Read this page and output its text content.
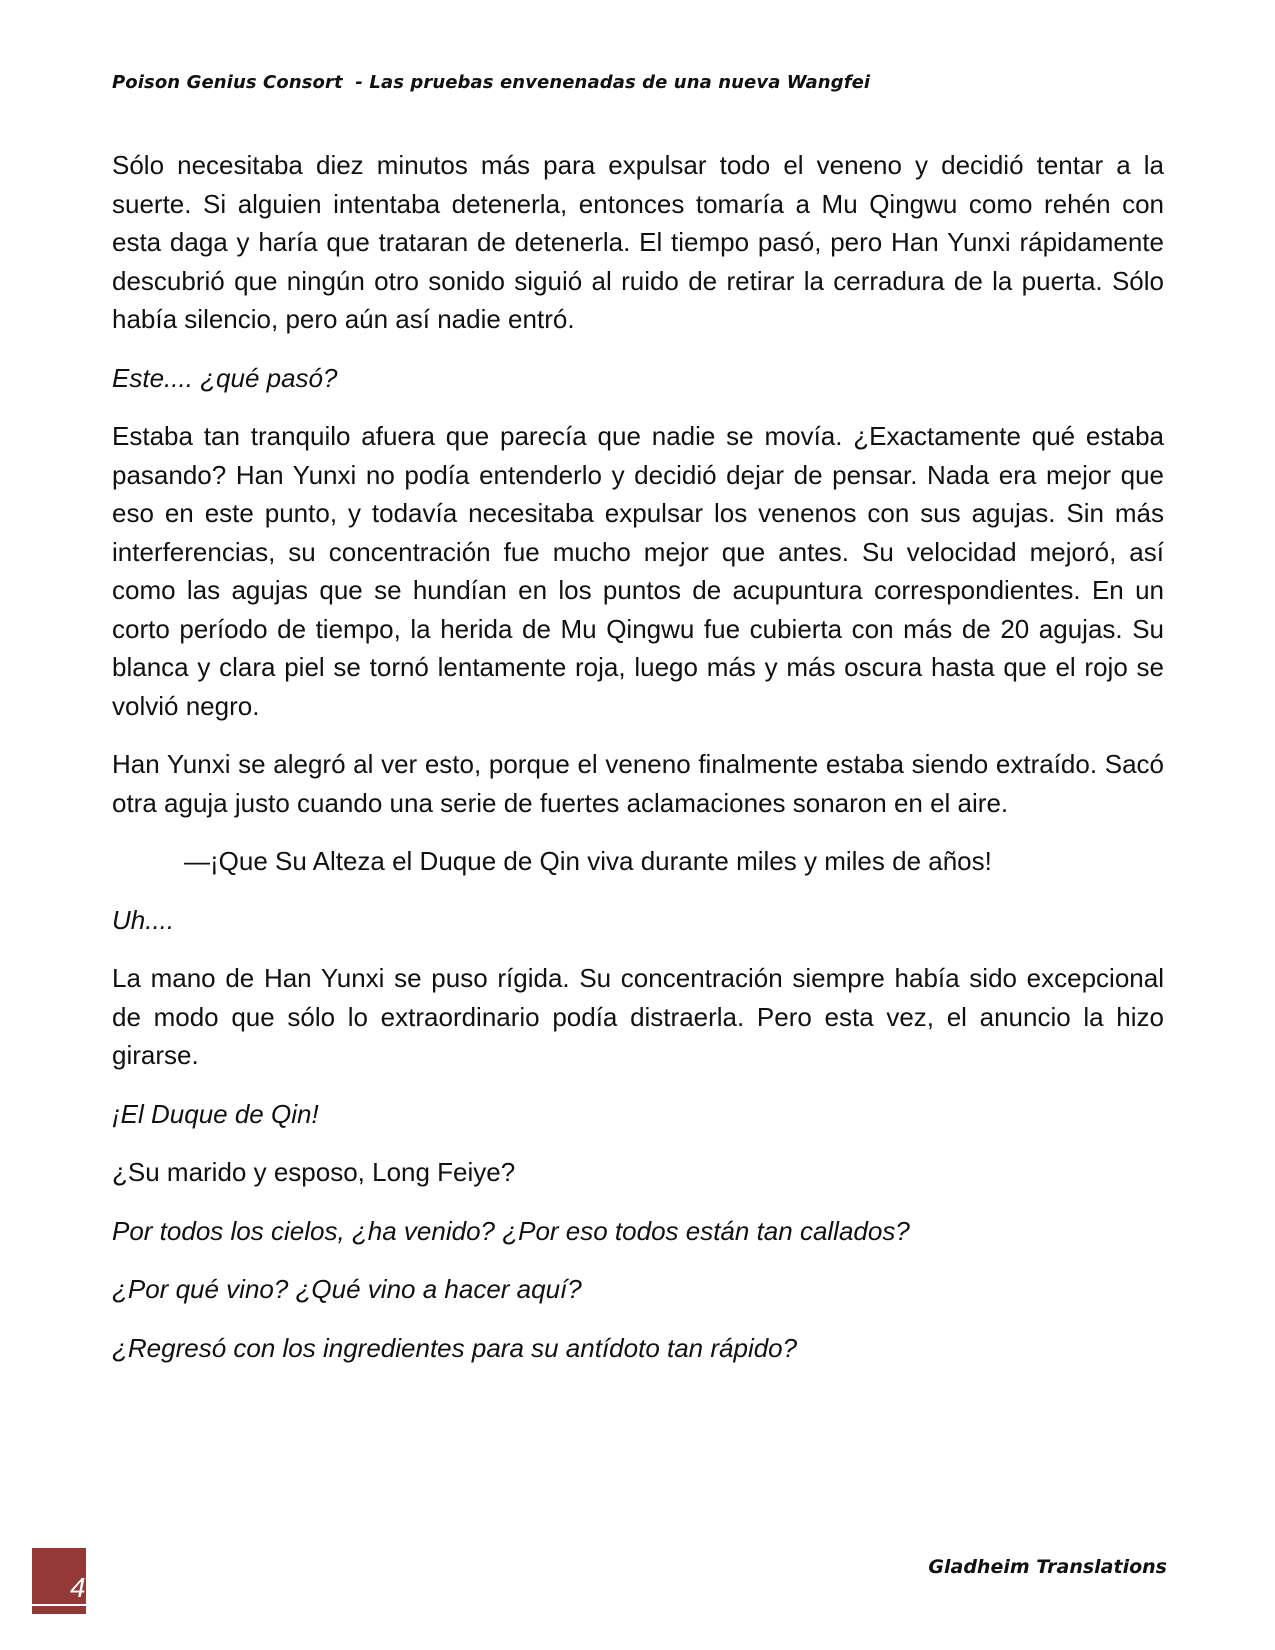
Poison Genius Consort  - Las pruebas envenenadas de una nueva Wangfei

Sólo necesitaba diez minutos más para expulsar todo el veneno y decidió tentar a la suerte. Si alguien intentaba detenerla, entonces tomaría a Mu Qingwu como rehén con esta daga y haría que trataran de detenerla. El tiempo pasó, pero Han Yunxi rápidamente descubrió que ningún otro sonido siguió al ruido de retirar la cerradura de la puerta. Sólo había silencio, pero aún así nadie entró.

Este.... ¿qué pasó?

Estaba tan tranquilo afuera que parecía que nadie se movía. ¿Exactamente qué estaba pasando? Han Yunxi no podía entenderlo y decidió dejar de pensar. Nada era mejor que eso en este punto, y todavía necesitaba expulsar los venenos con sus agujas. Sin más interferencias, su concentración fue mucho mejor que antes. Su velocidad mejoró, así como las agujas que se hundían en los puntos de acupuntura correspondientes. En un corto período de tiempo, la herida de Mu Qingwu fue cubierta con más de 20 agujas. Su blanca y clara piel se tornó lentamente roja, luego más y más oscura hasta que el rojo se volvió negro.

Han Yunxi se alegró al ver esto, porque el veneno finalmente estaba siendo extraído. Sacó otra aguja justo cuando una serie de fuertes aclamaciones sonaron en el aire.

—¡Que Su Alteza el Duque de Qin viva durante miles y miles de años!

Uh....

La mano de Han Yunxi se puso rígida. Su concentración siempre había sido excepcional de modo que sólo lo extraordinario podía distraerla. Pero esta vez, el anuncio la hizo girarse.

¡El Duque de Qin!

¿Su marido y esposo, Long Feiye?

Por todos los cielos, ¿ha venido? ¿Por eso todos están tan callados?

¿Por qué vino? ¿Qué vino a hacer aquí?

¿Regresó con los ingredientes para su antídoto tan rápido?

4
Gladheim Translations
